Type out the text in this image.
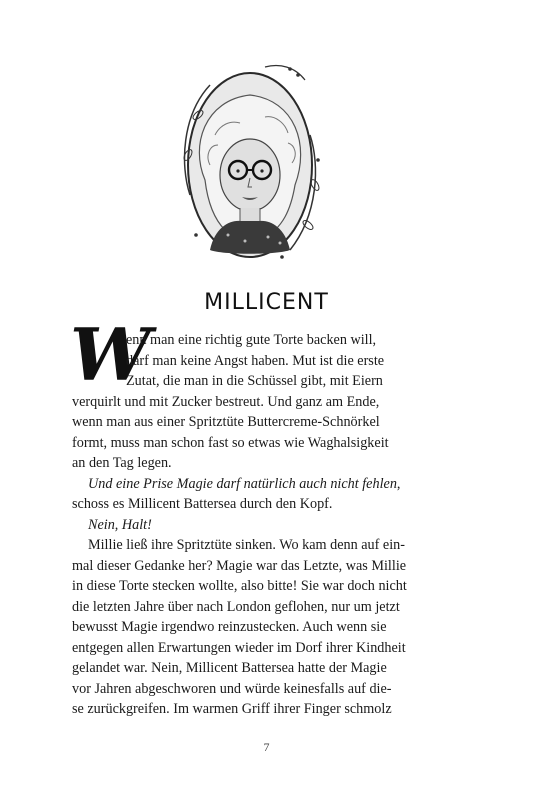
MILLICENT
W
enn man eine richtig gute Torte backen will,
darf man keine Angst haben. Mut ist die erste
Zutat, die man in die Schüssel gibt, mit Eiern
verquirlt und mit Zucker bestreut. Und ganz am Ende,
wenn man aus einer Spritztüte Buttercreme-Schnörkel
formt, muss man schon fast so etwas wie Waghalsigkeit
an den Tag legen.
Und eine Prise Magie darf natürlich auch nicht fehlen ,
schoss es Millicent Battersea durch den Kopf.
Nein, Halt!
Millie ließ ihre Spritztüte sinken. Wo kam denn auf ein-
mal dieser Gedanke her? Magie war das Letzte, was Millie
in diese Torte stecken wollte, also bitte! Sie war doch nicht
die letzten Jahre über nach London geflohen, nur um jetzt
bewusst Magie irgendwo reinzustecken. Auch wenn sie
entgegen allen Erwartungen wieder im Dorf ihrer Kindheit
gelandet war. Nein, Millicent Battersea hatte der Magie
vor Jahren abgeschworen und würde keinesfalls auf die-
se zurückgreifen. Im warmen Griff ihrer Finger schmolz
7
